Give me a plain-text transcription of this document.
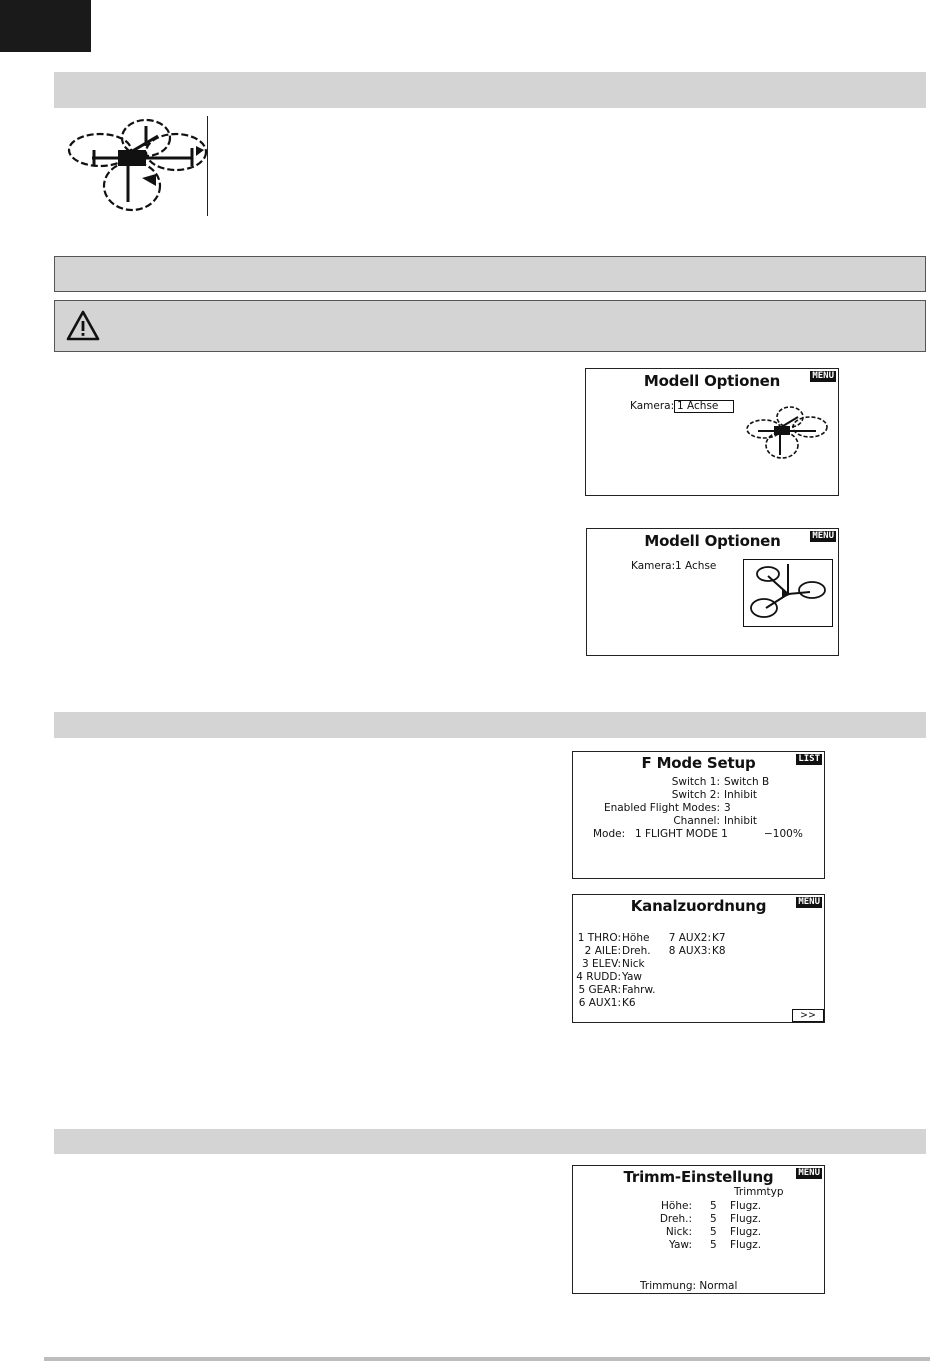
Modell Optionen	MENU
Kamera: 1 Achse
Modell Optionen	MENU
Kamera: 1 Achse
F Mode Setup	LIST
Switch 1: Switch B
Switch 2: Inhibit
Enabled Flight Modes: 3
Channel: Inhibit
Mode: 1 FLIGHT MODE 1	−100%
Kanalzuordnung	MENU
1 THRO: Höhe
2 AILE: Dreh.
3 ELEV: Nick
4 RUDD: Yaw
5 GEAR: Fahrw.
6 AUX1: K6
7 AUX2: K7
8 AUX3: K8
>>
Trimm-Einstellung	MENU
Trimmtyp
Höhe: 5 Flugz.
Dreh.: 5 Flugz.
Nick: 5 Flugz.
Yaw: 5 Flugz.
Trimmung: Normal
